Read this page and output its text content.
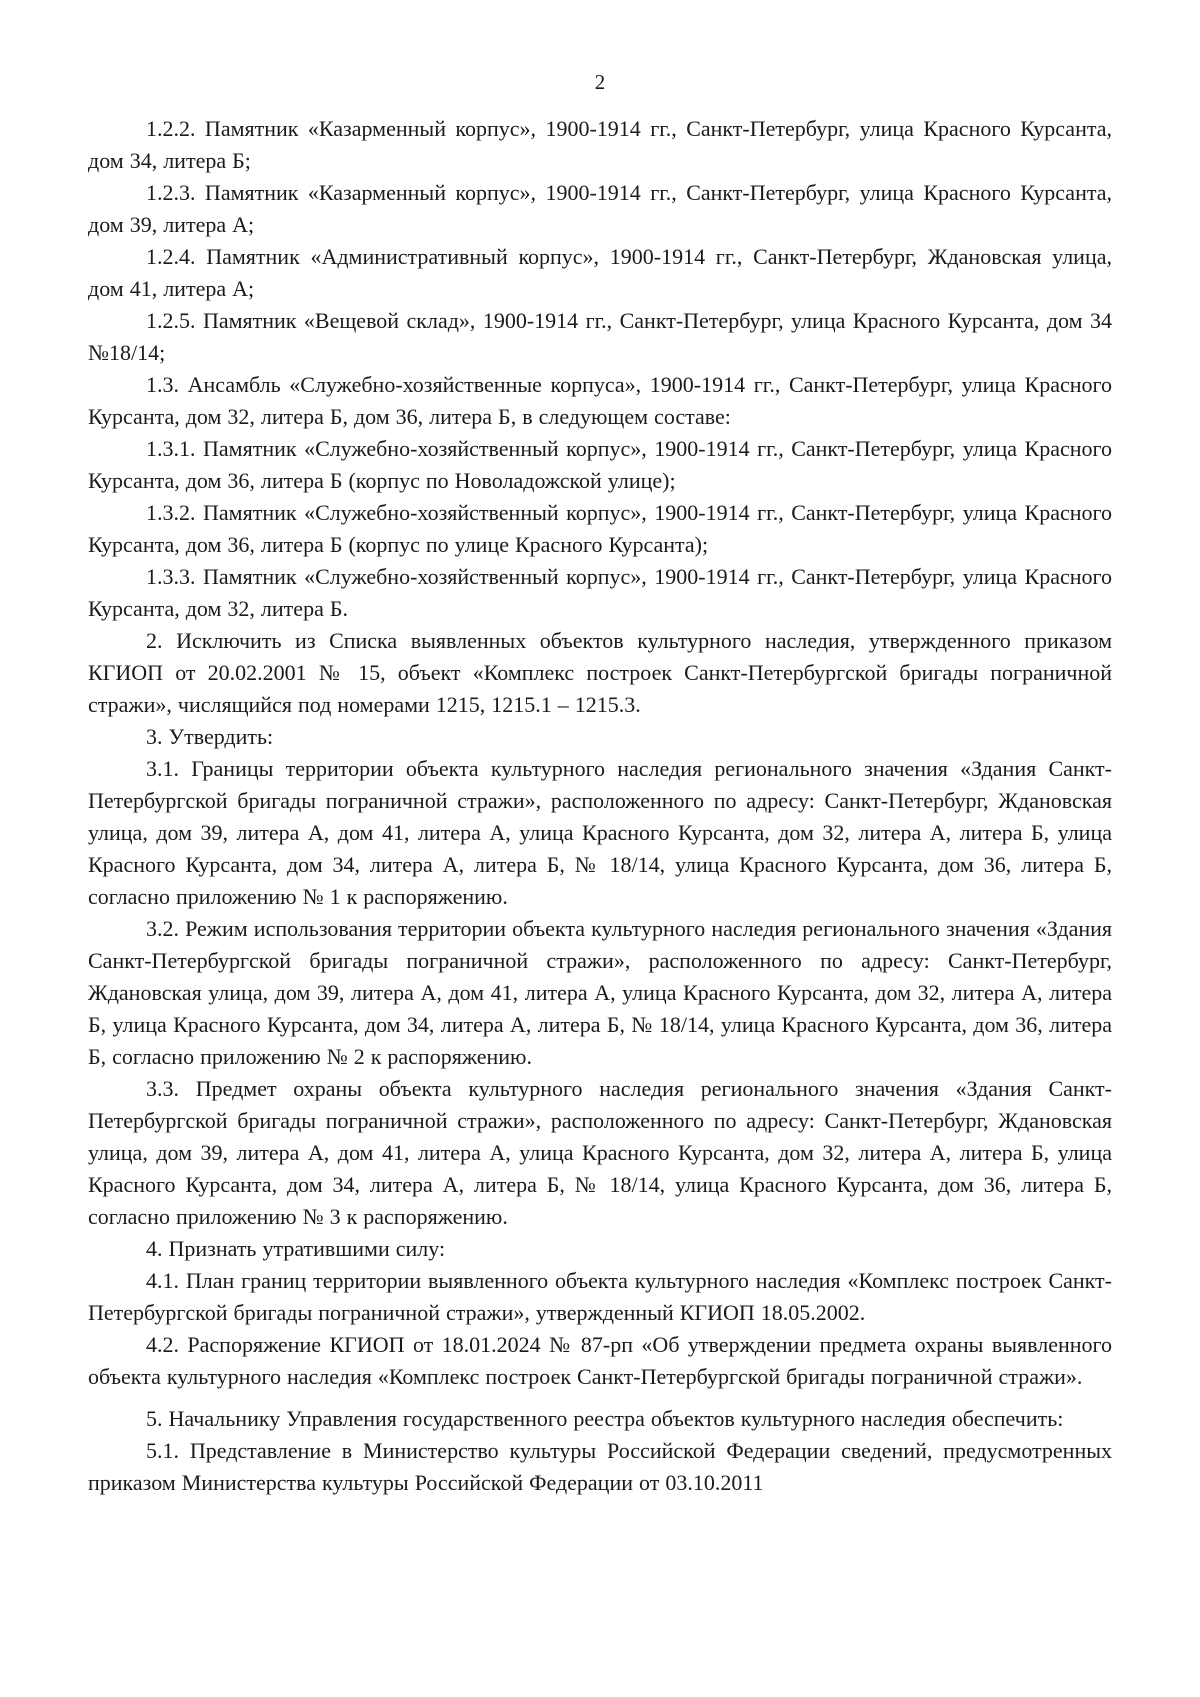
2

1.2.2. Памятник «Казарменный корпус», 1900-1914 гг., Санкт-Петербург, улица Красного Курсанта, дом 34, литера Б;

1.2.3. Памятник «Казарменный корпус», 1900-1914 гг., Санкт-Петербург, улица Красного Курсанта, дом 39, литера А;

1.2.4. Памятник «Административный корпус», 1900-1914 гг., Санкт-Петербург, Ждановская улица, дом 41, литера А;

1.2.5. Памятник «Вещевой склад», 1900-1914 гг., Санкт-Петербург, улица Красного Курсанта, дом 34 №18/14;

1.3. Ансамбль «Служебно-хозяйственные корпуса», 1900-1914 гг., Санкт-Петербург, улица Красного Курсанта, дом 32, литера Б, дом 36, литера Б, в следующем составе:

1.3.1. Памятник «Служебно-хозяйственный корпус», 1900-1914 гг., Санкт-Петербург, улица Красного Курсанта, дом 36, литера Б (корпус по Новоладожской улице);

1.3.2. Памятник «Служебно-хозяйственный корпус», 1900-1914 гг., Санкт-Петербург, улица Красного Курсанта, дом 36, литера Б (корпус по улице Красного Курсанта);

1.3.3. Памятник «Служебно-хозяйственный корпус», 1900-1914 гг., Санкт-Петербург, улица Красного Курсанта, дом 32, литера Б.

2. Исключить из Списка выявленных объектов культурного наследия, утвержденного приказом КГИОП от 20.02.2001 № 15, объект «Комплекс построек Санкт-Петербургской бригады пограничной стражи», числящийся под номерами 1215, 1215.1 – 1215.3.

3. Утвердить:

3.1. Границы территории объекта культурного наследия регионального значения «Здания Санкт-Петербургской бригады пограничной стражи», расположенного по адресу: Санкт-Петербург, Ждановская улица, дом 39, литера А, дом 41, литера А, улица Красного Курсанта, дом 32, литера А, литера Б, улица Красного Курсанта, дом 34, литера А, литера Б, № 18/14, улица Красного Курсанта, дом 36, литера Б, согласно приложению № 1 к распоряжению.

3.2. Режим использования территории объекта культурного наследия регионального значения «Здания Санкт-Петербургской бригады пограничной стражи», расположенного по адресу: Санкт-Петербург, Ждановская улица, дом 39, литера А, дом 41, литера А, улица Красного Курсанта, дом 32, литера А, литера Б, улица Красного Курсанта, дом 34, литера А, литера Б, № 18/14, улица Красного Курсанта, дом 36, литера Б, согласно приложению № 2 к распоряжению.

3.3. Предмет охраны объекта культурного наследия регионального значения «Здания Санкт-Петербургской бригады пограничной стражи», расположенного по адресу: Санкт-Петербург, Ждановская улица, дом 39, литера А, дом 41, литера А, улица Красного Курсанта, дом 32, литера А, литера Б, улица Красного Курсанта, дом 34, литера А, литера Б, № 18/14, улица Красного Курсанта, дом 36, литера Б, согласно приложению № 3 к распоряжению.

4. Признать утратившими силу:

4.1. План границ территории выявленного объекта культурного наследия «Комплекс построек Санкт-Петербургской бригады пограничной стражи», утвержденный КГИОП 18.05.2002.

4.2. Распоряжение КГИОП от 18.01.2024 № 87-рп «Об утверждении предмета охраны выявленного объекта культурного наследия «Комплекс построек Санкт-Петербургской бригады пограничной стражи».

5. Начальнику Управления государственного реестра объектов культурного наследия обеспечить:

5.1. Представление в Министерство культуры Российской Федерации сведений, предусмотренных приказом Министерства культуры Российской Федерации от 03.10.2011
